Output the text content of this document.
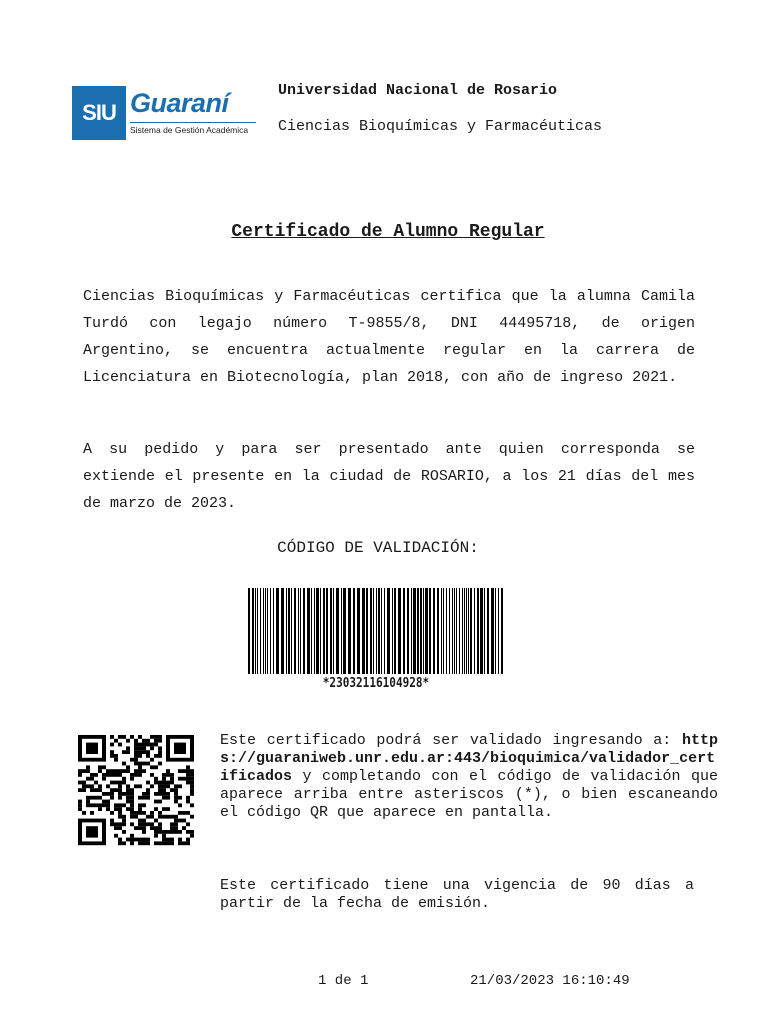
SIU Guaraní
Sistema de Gestión Académica
Universidad Nacional de Rosario
Ciencias Bioquímicas y Farmacéuticas
Certificado de Alumno Regular
Ciencias Bioquímicas y Farmacéuticas certifica que la alumna Camila Turdó con legajo número T-9855/8, DNI 44495718, de origen Argentino, se encuentra actualmente regular en la carrera de Licenciatura en Biotecnología, plan 2018, con año de ingreso 2021.
A su pedido y para ser presentado ante quien corresponda se extiende el presente en la ciudad de ROSARIO, a los 21 días del mes de marzo de 2023.
CÓDIGO DE VALIDACIÓN:
*23032116104928*
Este certificado podrá ser validado ingresando a: https://guaraniweb.unr.edu.ar:443/bioquimica/validador_certificados y completando con el código de validación que aparece arriba entre asteriscos (*), o bien escaneando el código QR que aparece en pantalla.
Este certificado tiene una vigencia de 90 días a partir de la fecha de emisión.
1 de 1	21/03/2023 16:10:49
